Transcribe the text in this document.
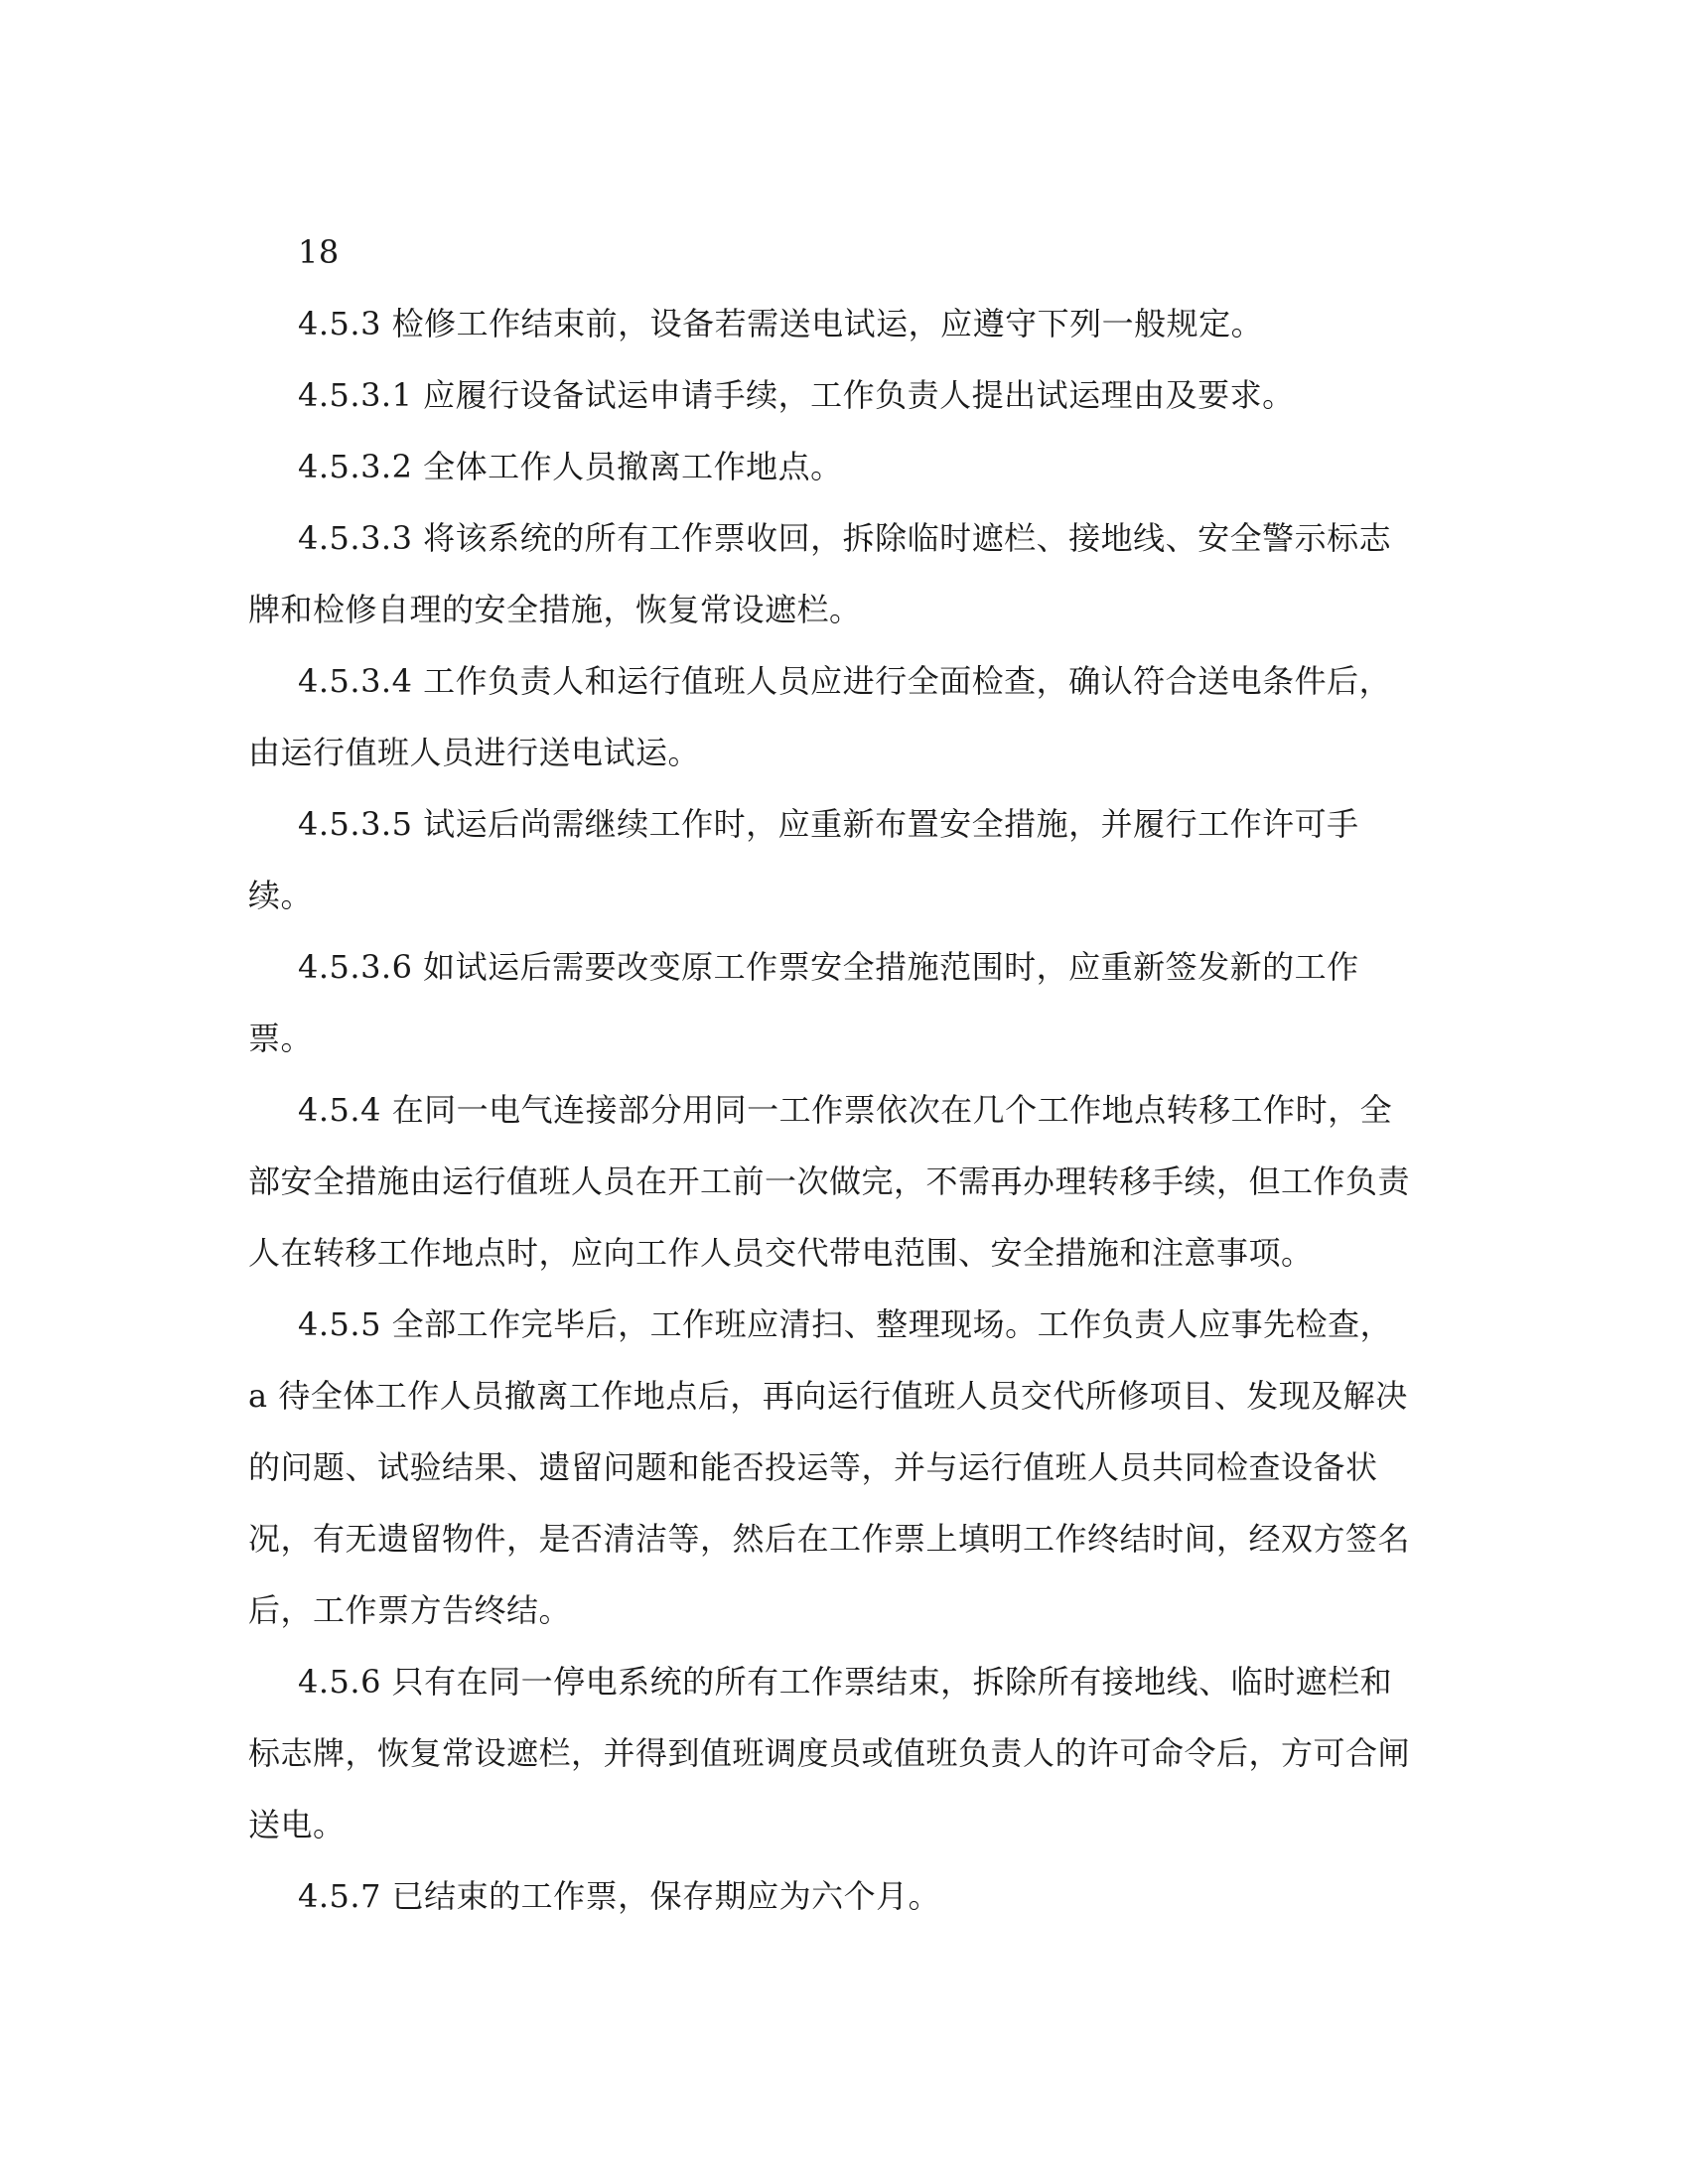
18
4.5.3 检修工作结束前，设备若需送电试运，应遵守下列一般规定。
4.5.3.1 应履行设备试运申请手续，工作负责人提出试运理由及要求。
4.5.3.2 全体工作人员撤离工作地点。
4.5.3.3 将该系统的所有工作票收回，拆除临时遮栏、接地线、安全警示标志
牌和检修自理的安全措施，恢复常设遮栏。
4.5.3.4 工作负责人和运行值班人员应进行全面检查，确认符合送电条件后，
由运行值班人员进行送电试运。
4.5.3.5 试运后尚需继续工作时，应重新布置安全措施，并履行工作许可手
续。
4.5.3.6 如试运后需要改变原工作票安全措施范围时，应重新签发新的工作
票。
4.5.4 在同一电气连接部分用同一工作票依次在几个工作地点转移工作时，全
部安全措施由运行值班人员在开工前一次做完，不需再办理转移手续，但工作负责
人在转移工作地点时，应向工作人员交代带电范围、安全措施和注意事项。
4.5.5 全部工作完毕后，工作班应清扫、整理现场。工作负责人应事先检查，
a 待全体工作人员撤离工作地点后，再向运行值班人员交代所修项目、发现及解决
的问题、试验结果、遗留问题和能否投运等，并与运行值班人员共同检查设备状
况，有无遗留物件，是否清洁等，然后在工作票上填明工作终结时间，经双方签名
后，工作票方告终结。
4.5.6 只有在同一停电系统的所有工作票结束，拆除所有接地线、临时遮栏和
标志牌，恢复常设遮栏，并得到值班调度员或值班负责人的许可命令后，方可合闸
送电。
4.5.7 已结束的工作票，保存期应为六个月。
